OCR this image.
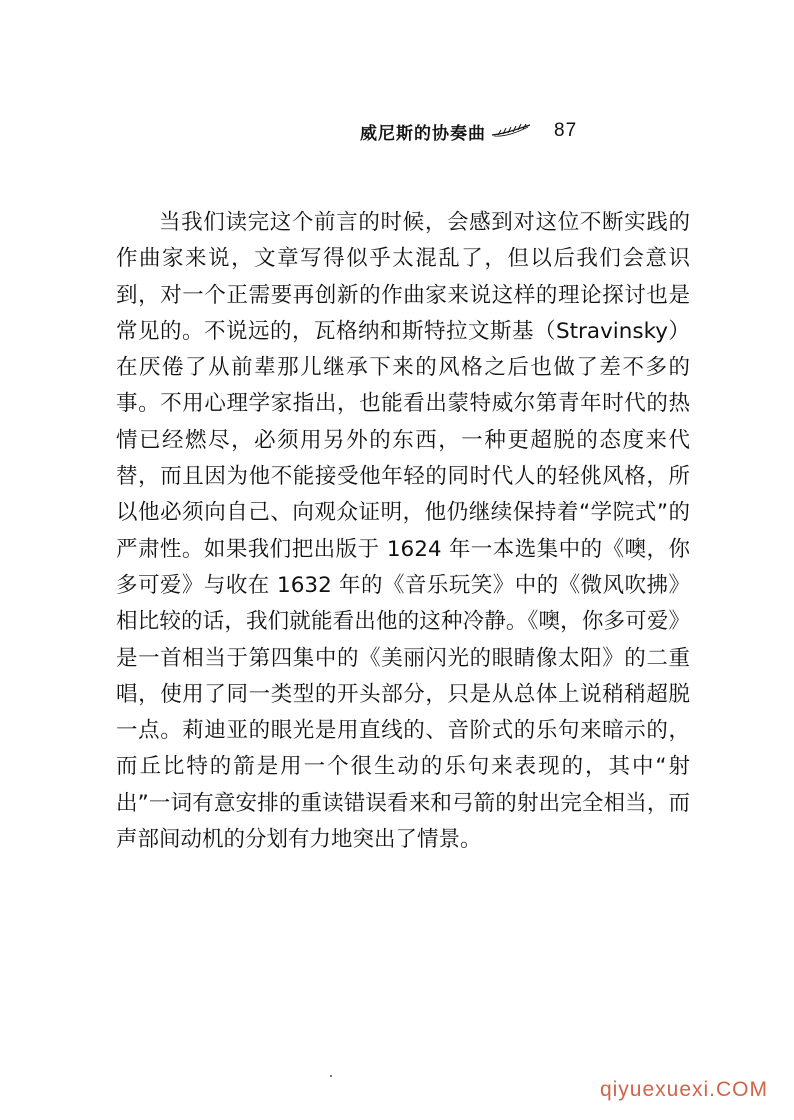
威尼斯的协奏曲	87

当我们读完这个前言的时候，会感到对这位不断实践的作曲家来说，文章写得似乎太混乱了，但以后我们会意识到，对一个正需要再创新的作曲家来说这样的理论探讨也是常见的。不说远的，瓦格纳和斯特拉文斯基（Stravinsky）在厌倦了从前辈那儿继承下来的风格之后也做了差不多的事。不用心理学家指出，也能看出蒙特威尔第青年时代的热情已经燃尽，必须用另外的东西，一种更超脱的态度来代替，而且因为他不能接受他年轻的同时代人的轻佻风格，所以他必须向自己、向观众证明，他仍继续保持着“学院式”的严肃性。如果我们把出版于 1624 年一本选集中的《噢，你多可爱》与收在 1632 年的《音乐玩笑》中的《微风吹拂》相比较的话，我们就能看出他的这种冷静。《噢，你多可爱》是一首相当于第四集中的《美丽闪光的眼睛像太阳》的二重唱，使用了同一类型的开头部分，只是从总体上说稍稍超脱一点。莉迪亚的眼光是用直线的、音阶式的乐句来暗示的，而丘比特的箭是用一个很生动的乐句来表现的，其中“射出”一词有意安排的重读错误看来和弓箭的射出完全相当，而声部间动机的分划有力地突出了情景。

qiyuexuexi.COM
